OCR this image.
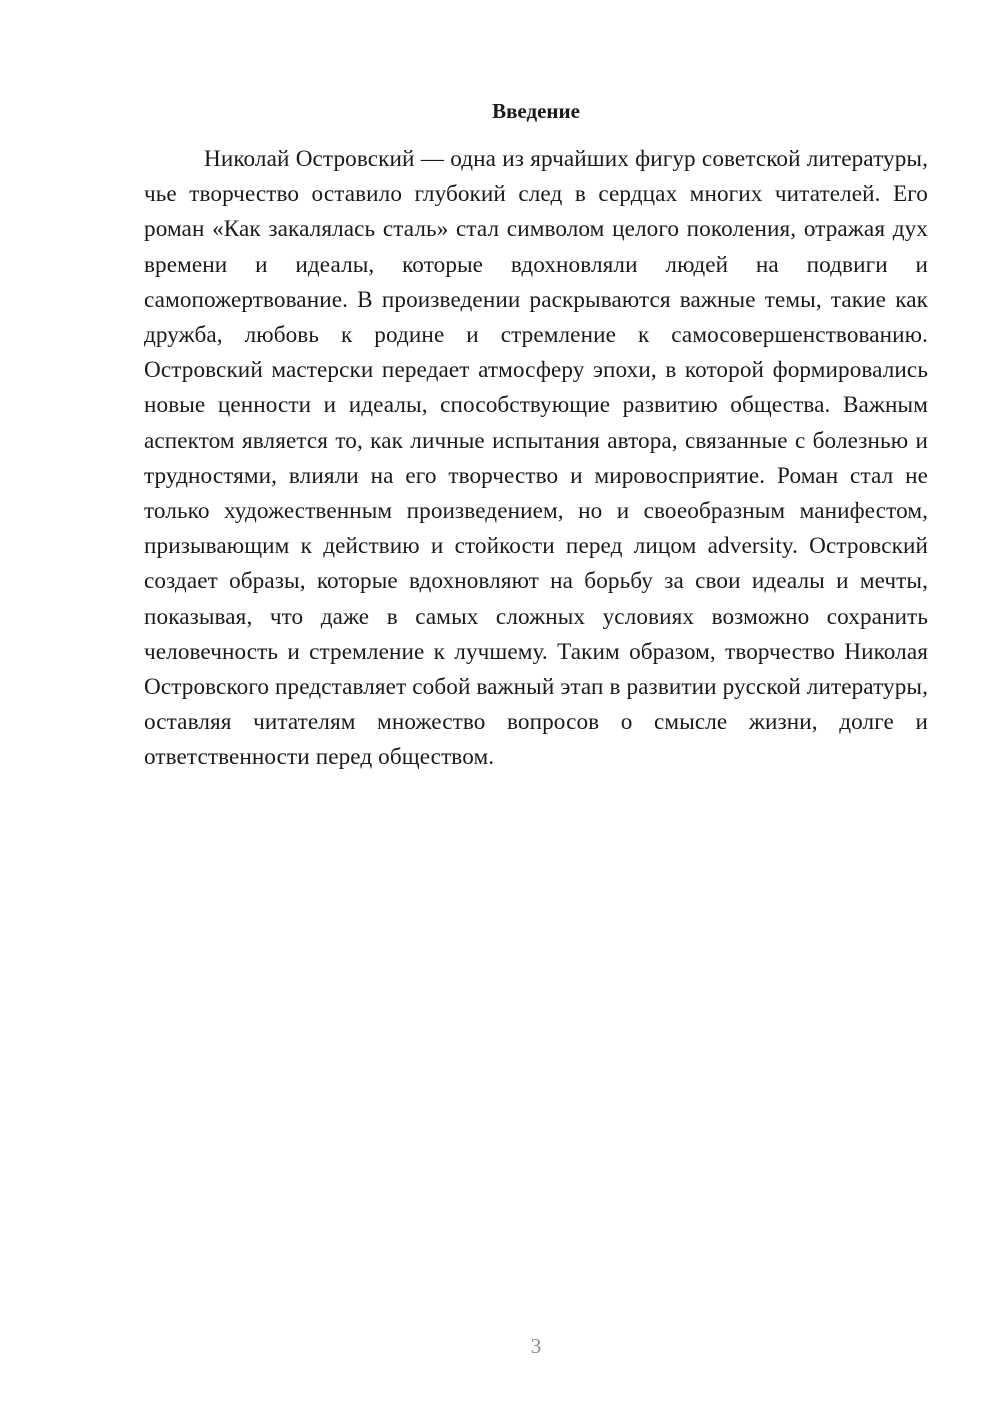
Введение

Николай Островский — одна из ярчайших фигур советской литературы, чье творчество оставило глубокий след в сердцах многих читателей. Его роман «Как закалялась сталь» стал символом целого поколения, отражая дух времени и идеалы, которые вдохновляли людей на подвиги и самопожертвование. В произведении раскрываются важные темы, такие как дружба, любовь к родине и стремление к самосовершенствованию. Островский мастерски передает атмосферу эпохи, в которой формировались новые ценности и идеалы, способствующие развитию общества. Важным аспектом является то, как личные испытания автора, связанные с болезнью и трудностями, влияли на его творчество и мировосприятие. Роман стал не только художественным произведением, но и своеобразным манифестом, призывающим к действию и стойкости перед лицом adversity. Островский создает образы, которые вдохновляют на борьбу за свои идеалы и мечты, показывая, что даже в самых сложных условиях возможно сохранить человечность и стремление к лучшему. Таким образом, творчество Николая Островского представляет собой важный этап в развитии русской литературы, оставляя читателям множество вопросов о смысле жизни, долге и ответственности перед обществом.

3
